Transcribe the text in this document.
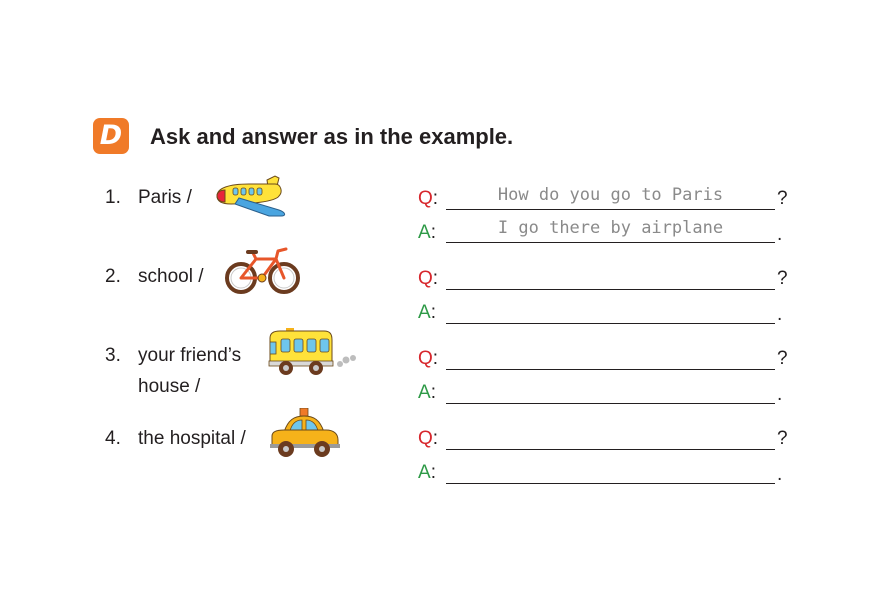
D	Ask and answer as in the example.
1. Paris /	Q:	How do you go to Paris	?
A:	I go there by airplane	.
2. school /	Q:	?
A:	.
3. your friend’s
house /
Q:	?
A:	.
4. the hospital /	Q:	?
A:	.
